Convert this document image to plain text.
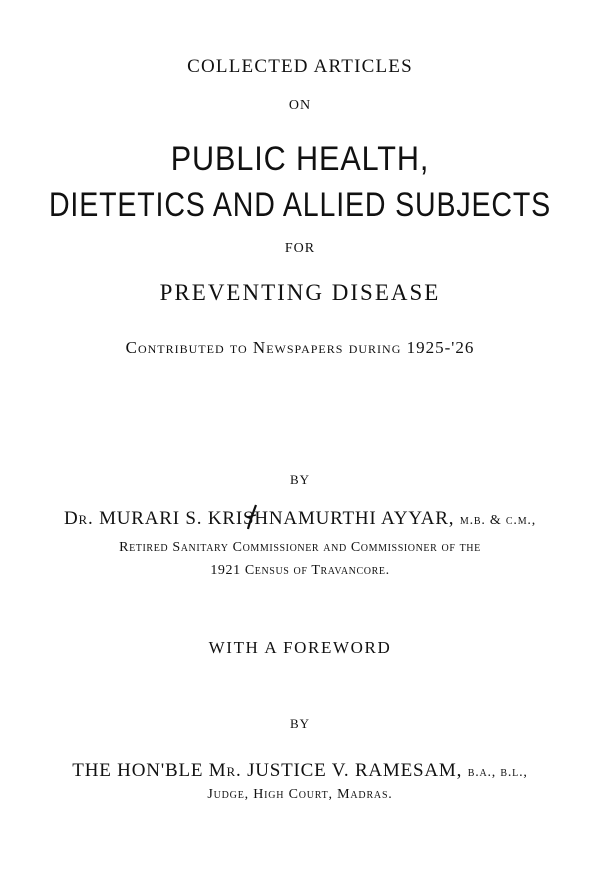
COLLECTED ARTICLES
ON
PUBLIC HEALTH,
DIETETICS AND ALLIED SUBJECTS
FOR
PREVENTING DISEASE
Contributed to Newspapers during 1925-'26
BY
Dr. MURARI S. KRISHNAMURTHI AYYAR, m.b. & c.m.,
Retired Sanitary Commissioner and Commissioner of the
1921 Census of Travancore.
WITH A FOREWORD
BY
THE HON'BLE Mr. JUSTICE V. RAMESAM, b.a., b.l.,
Judge, High Court, Madras.
